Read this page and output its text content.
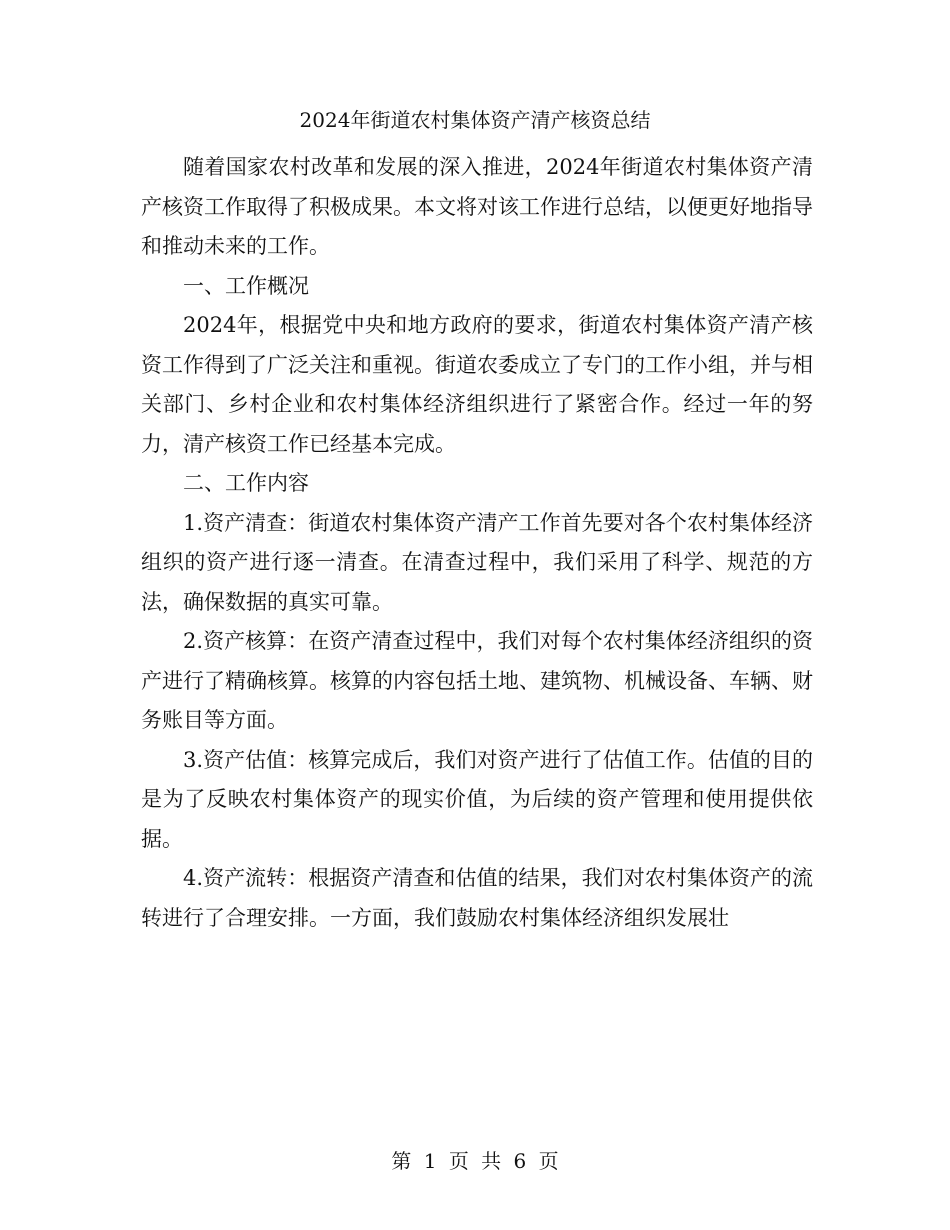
2024年街道农村集体资产清产核资总结

随着国家农村改革和发展的深入推进，2024年街道农村集体资产清产核资工作取得了积极成果。本文将对该工作进行总结，以便更好地指导和推动未来的工作。

一、工作概况

2024年，根据党中央和地方政府的要求，街道农村集体资产清产核资工作得到了广泛关注和重视。街道农委成立了专门的工作小组，并与相关部门、乡村企业和农村集体经济组织进行了紧密合作。经过一年的努力，清产核资工作已经基本完成。

二、工作内容

1.资产清查：街道农村集体资产清产工作首先要对各个农村集体经济组织的资产进行逐一清查。在清查过程中，我们采用了科学、规范的方法，确保数据的真实可靠。

2.资产核算：在资产清查过程中，我们对每个农村集体经济组织的资产进行了精确核算。核算的内容包括土地、建筑物、机械设备、车辆、财务账目等方面。

3.资产估值：核算完成后，我们对资产进行了估值工作。估值的目的是为了反映农村集体资产的现实价值，为后续的资产管理和使用提供依据。

4.资产流转：根据资产清查和估值的结果，我们对农村集体资产的流转进行了合理安排。一方面，我们鼓励农村集体经济组织发展壮

第 1 页 共 6 页
